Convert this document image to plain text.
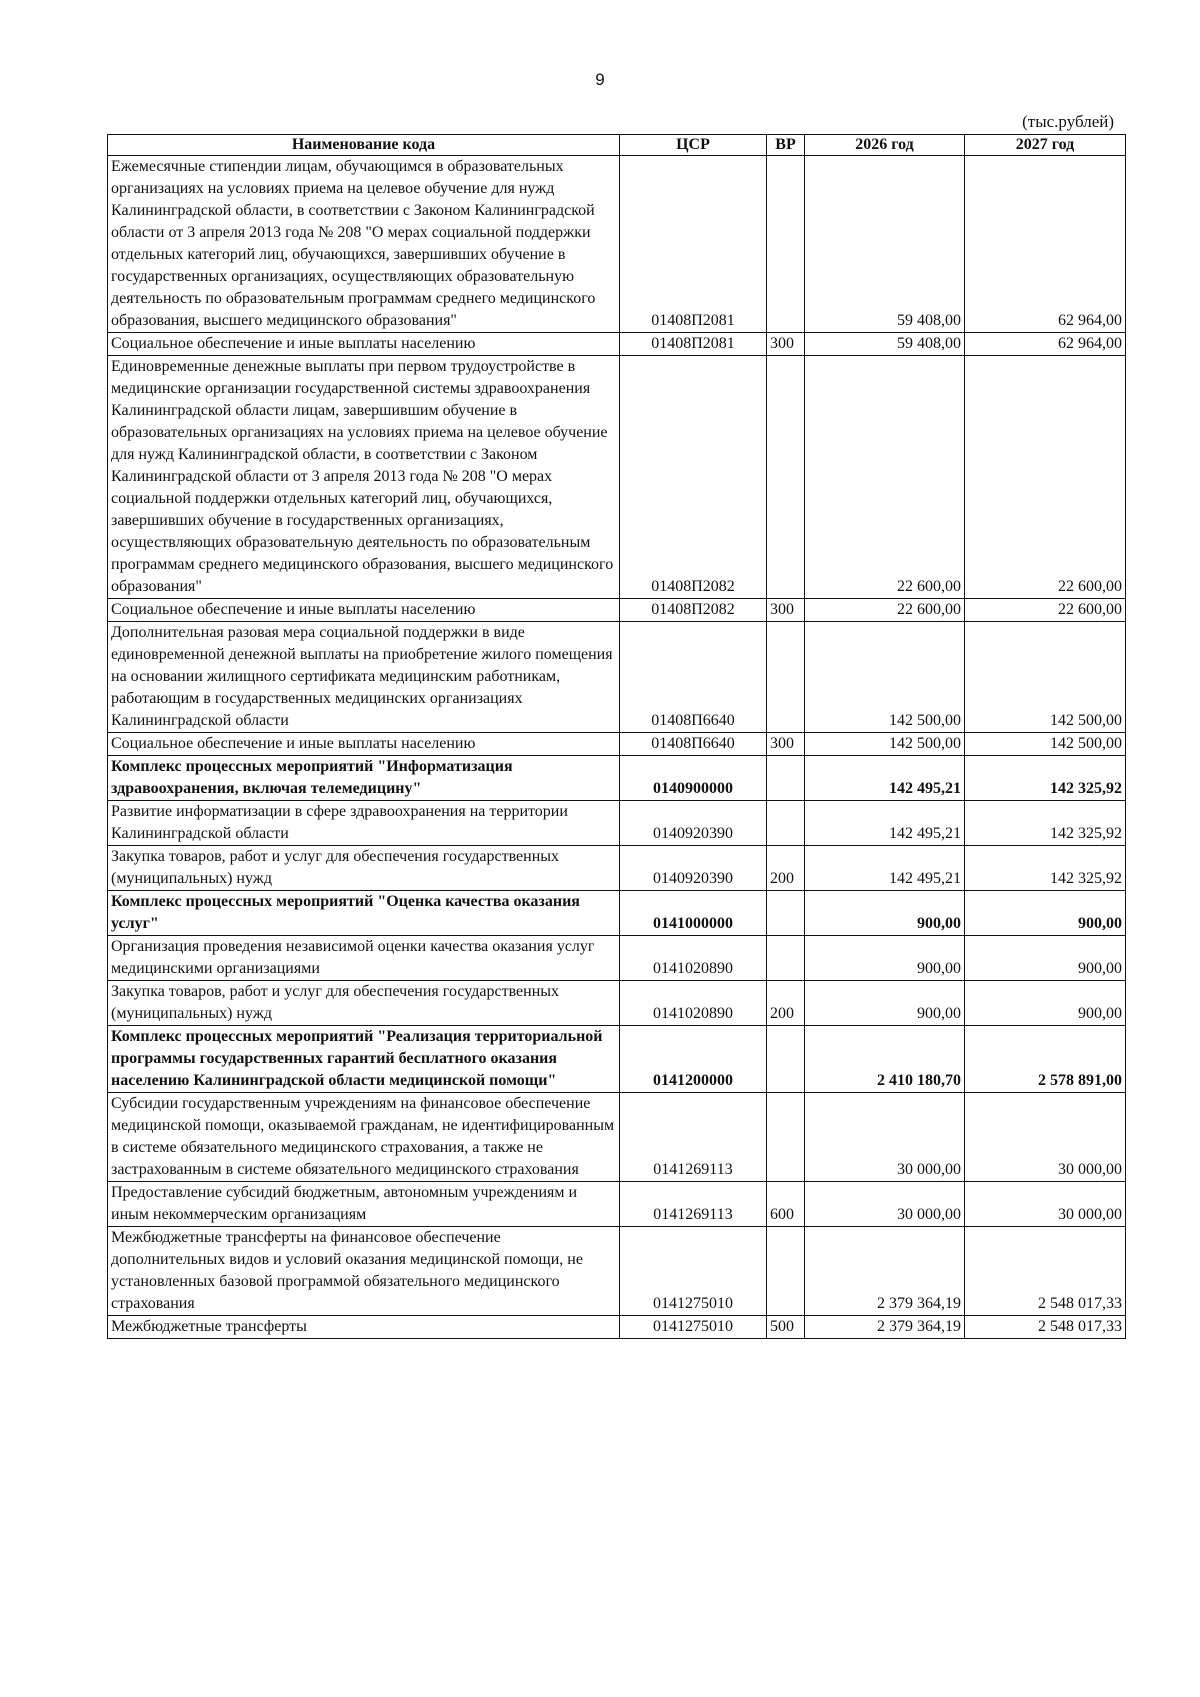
9
(тыс.рублей)
Наименование кода	ЦСР	ВР	2026 год	2027 год
Ежемесячные стипендии лицам, обучающимся в образовательных организациях на условиях приема на целевое обучение для нужд Калининградской области, в соответствии с Законом Калининградской области от 3 апреля 2013 года № 208 "О мерах социальной поддержки отдельных категорий лиц, обучающихся, завершивших обучение в государственных организациях, осуществляющих образовательную деятельность по образовательным программам среднего медицинского образования, высшего медицинского образования"	01408П2081		59 408,00	62 964,00
Социальное обеспечение и иные выплаты населению	01408П2081	300	59 408,00	62 964,00
Единовременные денежные выплаты при первом трудоустройстве в медицинские организации государственной системы здравоохранения Калининградской области лицам, завершившим обучение в образовательных организациях на условиях приема на целевое обучение для нужд Калининградской области, в соответствии с Законом Калининградской области от 3 апреля 2013 года № 208 "О мерах социальной поддержки отдельных категорий лиц, обучающихся, завершивших обучение в государственных организациях, осуществляющих образовательную деятельность по образовательным программам среднего медицинского образования, высшего медицинского образования"	01408П2082		22 600,00	22 600,00
Социальное обеспечение и иные выплаты населению	01408П2082	300	22 600,00	22 600,00
Дополнительная разовая мера социальной поддержки в виде единовременной денежной выплаты на приобретение жилого помещения на основании жилищного сертификата медицинским работникам, работающим в государственных медицинских организациях Калининградской области	01408П6640		142 500,00	142 500,00
Социальное обеспечение и иные выплаты населению	01408П6640	300	142 500,00	142 500,00
Комплекс процессных мероприятий "Информатизация здравоохранения, включая телемедицину"	0140900000		142 495,21	142 325,92
Развитие информатизации в сфере здравоохранения на территории Калининградской области	0140920390		142 495,21	142 325,92
Закупка товаров, работ и услуг для обеспечения государственных (муниципальных) нужд	0140920390	200	142 495,21	142 325,92
Комплекс процессных мероприятий "Оценка качества оказания услуг"	0141000000		900,00	900,00
Организация проведения независимой оценки качества оказания услуг медицинскими организациями	0141020890		900,00	900,00
Закупка товаров, работ и услуг для обеспечения государственных (муниципальных) нужд	0141020890	200	900,00	900,00
Комплекс процессных мероприятий "Реализация территориальной программы государственных гарантий бесплатного оказания населению Калининградской области медицинской помощи"	0141200000		2 410 180,70	2 578 891,00
Субсидии государственным учреждениям на финансовое обеспечение медицинской помощи, оказываемой гражданам, не идентифицированным в системе обязательного медицинского страхования, а также не застрахованным в системе обязательного медицинского страхования	0141269113		30 000,00	30 000,00
Предоставление субсидий бюджетным, автономным учреждениям и иным некоммерческим организациям	0141269113	600	30 000,00	30 000,00
Межбюджетные трансферты на финансовое обеспечение дополнительных видов и условий оказания медицинской помощи, не установленных базовой программой обязательного медицинского страхования	0141275010		2 379 364,19	2 548 017,33
Межбюджетные трансферты	0141275010	500	2 379 364,19	2 548 017,33
